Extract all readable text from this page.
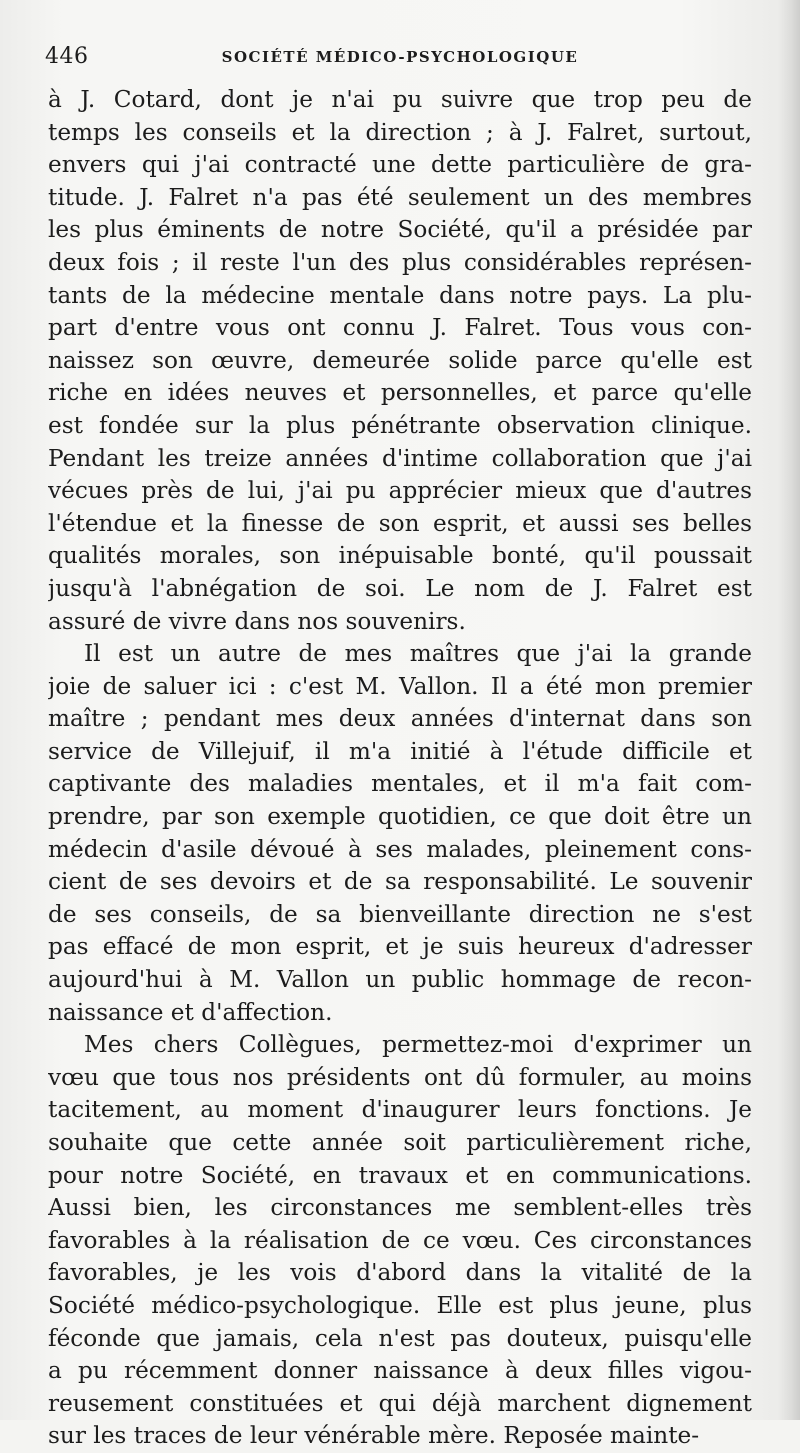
446	SOCIÉTÉ MÉDICO-PSYCHOLOGIQUE
à J. Cotard, dont je n'ai pu suivre que trop peu de
temps les conseils et la direction ; à J. Falret, surtout,
envers qui j'ai contracté une dette particulière de gra-
titude. J. Falret n'a pas été seulement un des membres
les plus éminents de notre Société, qu'il a présidée par
deux fois ; il reste l'un des plus considérables représen-
tants de la médecine mentale dans notre pays. La plu-
part d'entre vous ont connu J. Falret. Tous vous con-
naissez son œuvre, demeurée solide parce qu'elle est
riche en idées neuves et personnelles, et parce qu'elle
est fondée sur la plus pénétrante observation clinique.
Pendant les treize années d'intime collaboration que j'ai
vécues près de lui, j'ai pu apprécier mieux que d'autres
l'étendue et la finesse de son esprit, et aussi ses belles
qualités morales, son inépuisable bonté, qu'il poussait
jusqu'à l'abnégation de soi. Le nom de J. Falret est
assuré de vivre dans nos souvenirs.
Il est un autre de mes maîtres que j'ai la grande
joie de saluer ici : c'est M. Vallon. Il a été mon premier
maître ; pendant mes deux années d'internat dans son
service de Villejuif, il m'a initié à l'étude difficile et
captivante des maladies mentales, et il m'a fait com-
prendre, par son exemple quotidien, ce que doit être un
médecin d'asile dévoué à ses malades, pleinement cons-
cient de ses devoirs et de sa responsabilité. Le souvenir
de ses conseils, de sa bienveillante direction ne s'est
pas effacé de mon esprit, et je suis heureux d'adresser
aujourd'hui à M. Vallon un public hommage de recon-
naissance et d'affection.
Mes chers Collègues, permettez-moi d'exprimer un
vœu que tous nos présidents ont dû formuler, au moins
tacitement, au moment d'inaugurer leurs fonctions. Je
souhaite que cette année soit particulièrement riche,
pour notre Société, en travaux et en communications.
Aussi bien, les circonstances me semblent-elles très
favorables à la réalisation de ce vœu. Ces circonstances
favorables, je les vois d'abord dans la vitalité de la
Société médico-psychologique. Elle est plus jeune, plus
féconde que jamais, cela n'est pas douteux, puisqu'elle
a pu récemment donner naissance à deux filles vigou-
reusement constituées et qui déjà marchent dignement
sur les traces de leur vénérable mère. Reposée mainte-
